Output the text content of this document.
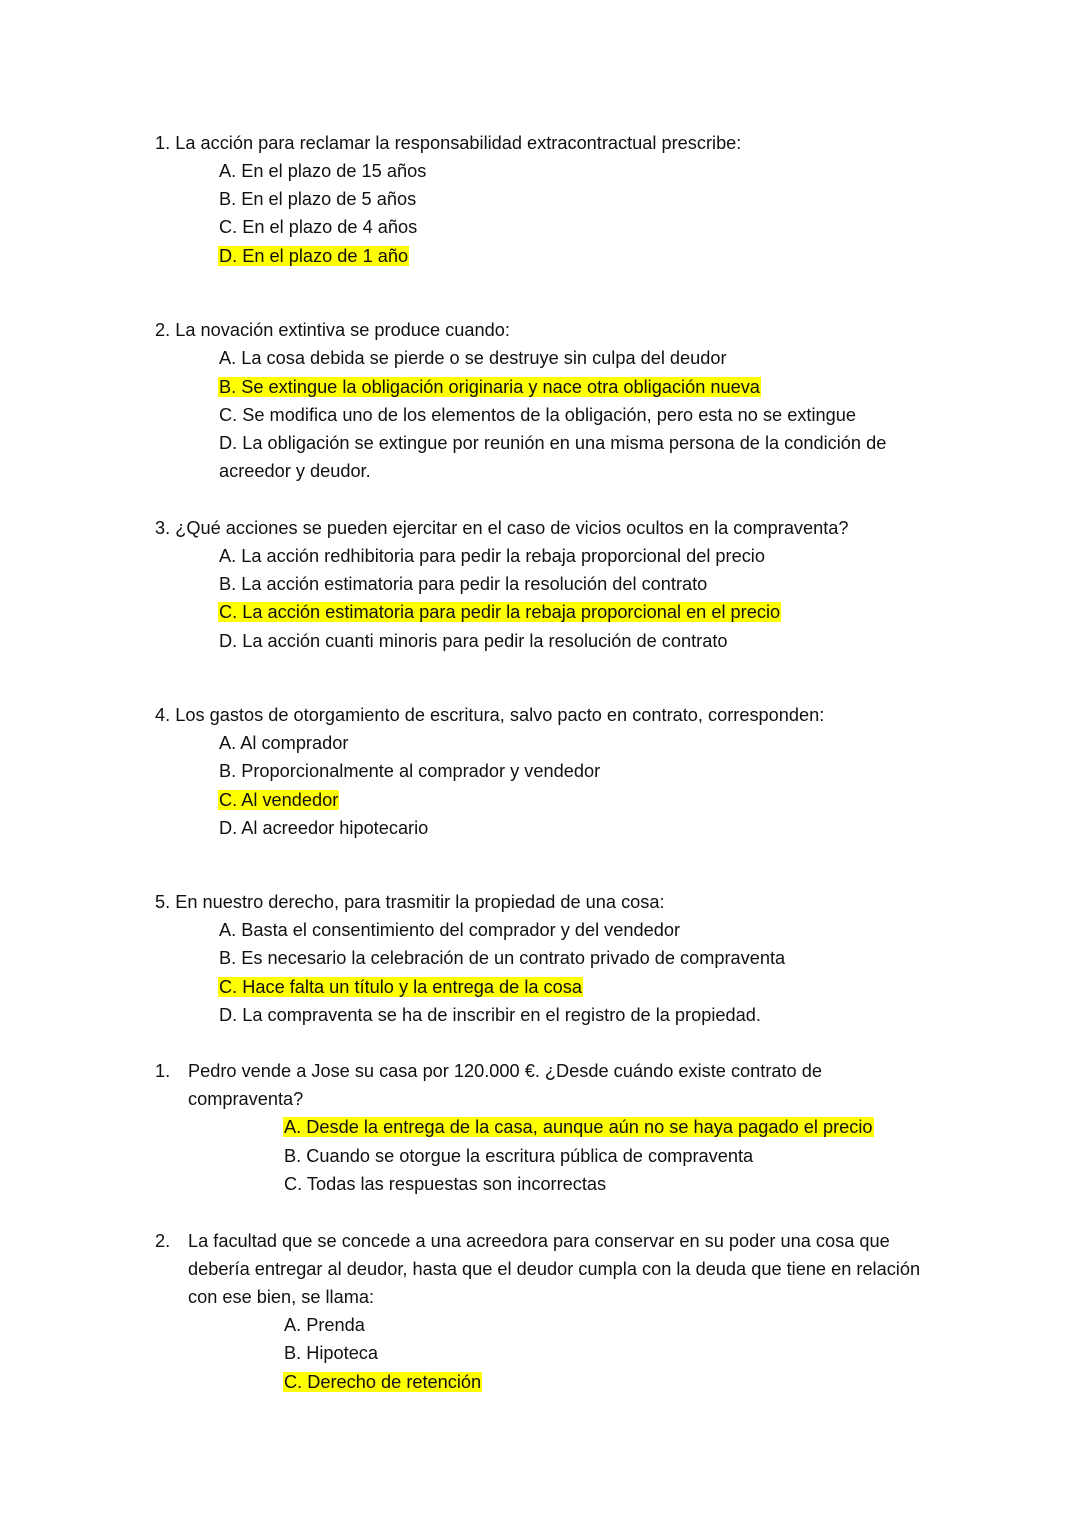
1. La acción para reclamar la responsabilidad extracontractual prescribe:
A. En el plazo de 15 años
B. En el plazo de 5 años
C. En el plazo de 4 años
D. En el plazo de 1 año
2. La novación extintiva se produce cuando:
A. La cosa debida se pierde o se destruye sin culpa del deudor
B. Se extingue la obligación originaria y nace otra obligación nueva
C. Se modifica uno de los elementos de la obligación, pero esta no se extingue
D. La obligación se extingue por reunión en una misma persona de la condición de
acreedor y deudor.
3. ¿Qué acciones se pueden ejercitar en el caso de vicios ocultos en la compraventa?
A. La acción redhibitoria para pedir la rebaja proporcional del precio
B. La acción estimatoria para pedir la resolución del contrato
C. La acción estimatoria para pedir la rebaja proporcional en el precio
D. La acción cuanti minoris para pedir la resolución de contrato
4. Los gastos de otorgamiento de escritura, salvo pacto en contrato, corresponden:
A. Al comprador
B. Proporcionalmente al comprador y vendedor
C. Al vendedor
D. Al acreedor hipotecario
5. En nuestro derecho, para trasmitir la propiedad de una cosa:
A. Basta el consentimiento del comprador y del vendedor
B. Es necesario la celebración de un contrato privado de compraventa
C. Hace falta un título y la entrega de la cosa
D. La compraventa se ha de inscribir en el registro de la propiedad.
1. Pedro vende a Jose su casa por 120.000 €. ¿Desde cuándo existe contrato de
compraventa?
A. Desde la entrega de la casa, aunque aún no se haya pagado el precio
B. Cuando se otorgue la escritura pública de compraventa
C. Todas las respuestas son incorrectas
2. La facultad que se concede a una acreedora para conservar en su poder una cosa que
debería entregar al deudor, hasta que el deudor cumpla con la deuda que tiene en relación
con ese bien, se llama:
A. Prenda
B. Hipoteca
C. Derecho de retención
